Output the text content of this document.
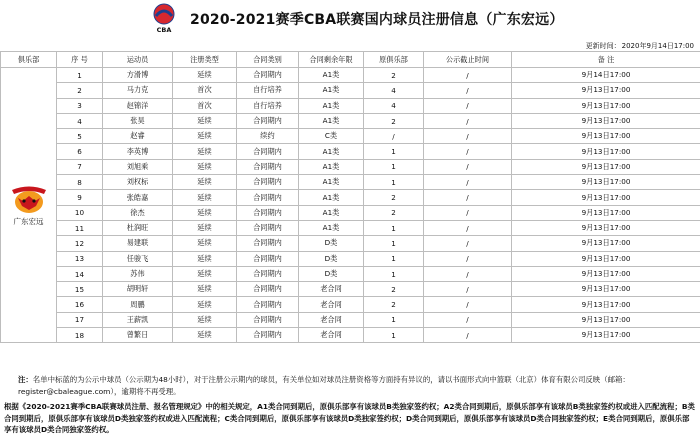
CBA
2020-2021赛季CBA联赛国内球员注册信息（广东宏远）
更新时间：2020年9月14日17:00
俱乐部	序 号	运动员	注册类型	合同类别	合同剩余年限	原俱乐部	公示截止时间	备 注	

广东宏远	1	方滑博	延续	合同期内	A1类	2	/	9月14日17:00	
	2	马力克	首次	自行培养	A1类	4	/	9月13日17:00	
	3	赵锦洋	首次	自行培养	A1类	4	/	9月13日17:00	
	4	张昊	延续	合同期内	A1类	2	/	9月13日17:00	
	5	赵睿	延续	续约	C类	/	/	9月13日17:00	
	6	李英博	延续	合同期内	A1类	1	/	9月13日17:00	
	7	刘旭乘	延续	合同期内	A1类	1	/	9月13日17:00	
	8	刘权标	延续	合同期内	A1类	1	/	9月13日17:00	
	9	张皓嘉	延续	合同期内	A1类	2	/	9月13日17:00	
	10	徐杰	延续	合同期内	A1类	2	/	9月13日17:00	
	11	杜润旺	延续	合同期内	A1类	1	/	9月13日17:00	
	12	易建联	延续	合同期内	D类	1	/	9月13日17:00	
	13	任骏飞	延续	合同期内	D类	1	/	9月13日17:00	
	14	苏伟	延续	合同期内	D类	1	/	9月13日17:00	
	15	胡明轩	延续	合同期内	老合同	2	/	9月13日17:00	
	16	周鹏	延续	合同期内	老合同	2	/	9月13日17:00	
	17	王薪凯	延续	合同期内	老合同	1	/	9月13日17:00	
	18	曾繁日	延续	合同期内	老合同	1	/	9月13日17:00	

注：名单中标蓝的为公示中球员（公示期为48小时），对于注册公示期内的球员，有关单位如对球员注册资格等方面持有异议的，请以书面形式向中篮联（北京）体育有限公司反映（邮箱：register@cbaleague.com），逾期将不再受理。

根据《2020-2021赛季CBA联赛球员注册、报名管理规定》中的相关规定，A1类合同到期后，原俱乐部享有该球员B类独家签约权；A2类合同到期后，原俱乐部享有该球员B类独家签约权或进入匹配流程；B类合同到期后，原俱乐部享有该球员D类独家签约权或进入匹配流程；C类合同到期后，原俱乐部享有该球员D类独家签约权；D类合同到期后，原俱乐部享有该球员D类合同独家签约权；E类合同到期后，原俱乐部享有该球员D类合同独家签约权。
